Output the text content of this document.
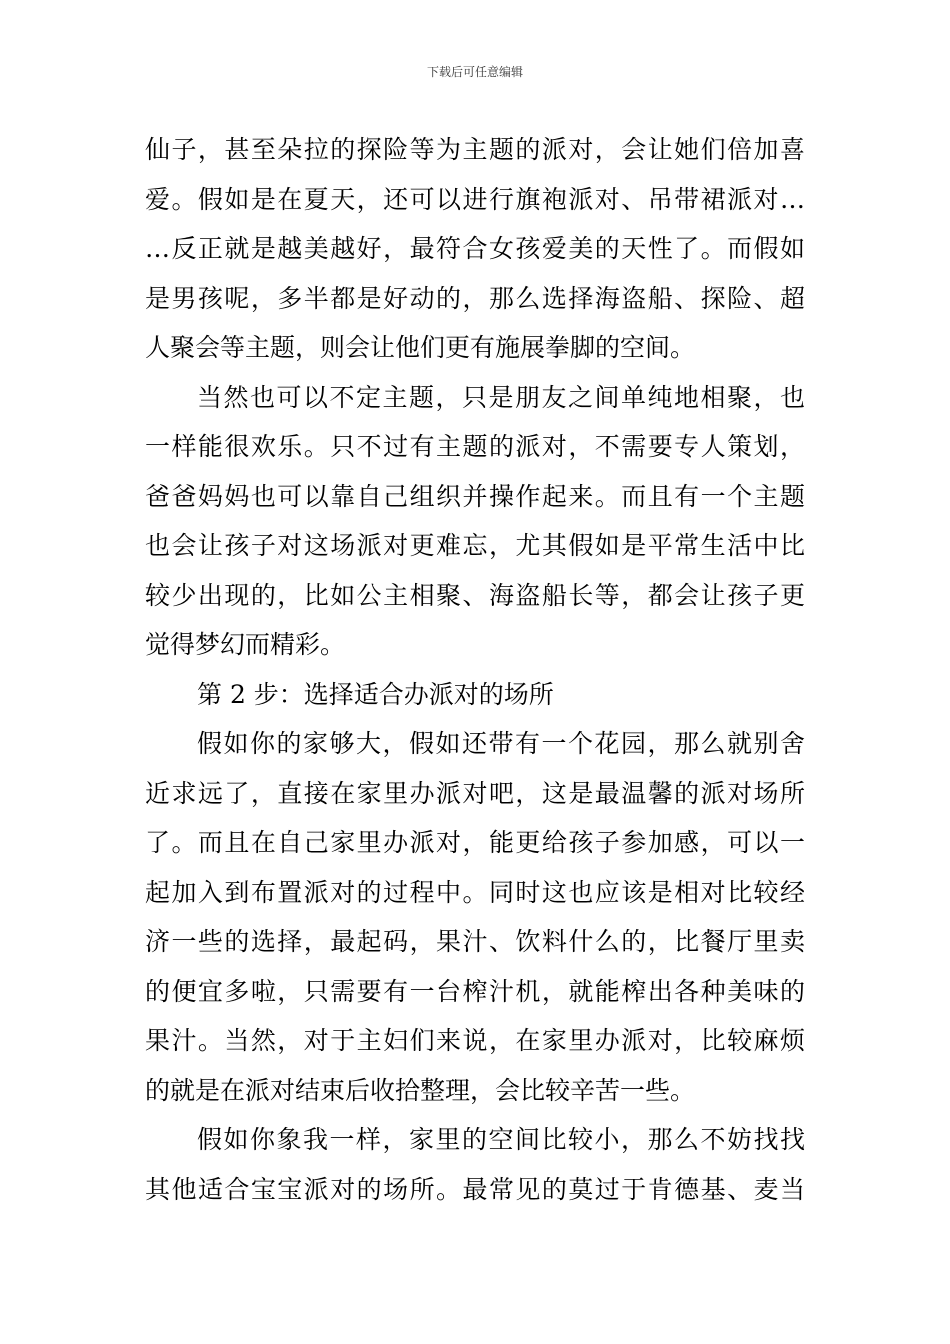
下载后可任意编辑
仙子，甚至朵拉的探险等为主题的派对，会让她们倍加喜
爱。假如是在夏天，还可以进行旗袍派对、吊带裙派对…
…反正就是越美越好，最符合女孩爱美的天性了。而假如
是男孩呢，多半都是好动的，那么选择海盗船、探险、超
人聚会等主题，则会让他们更有施展拳脚的空间。
当然也可以不定主题，只是朋友之间单纯地相聚，也
一样能很欢乐。只不过有主题的派对，不需要专人策划，
爸爸妈妈也可以靠自己组织并操作起来。而且有一个主题
也会让孩子对这场派对更难忘，尤其假如是平常生活中比
较少出现的，比如公主相聚、海盗船长等，都会让孩子更
觉得梦幻而精彩。
第 2 步：选择适合办派对的场所
假如你的家够大，假如还带有一个花园，那么就别舍
近求远了，直接在家里办派对吧，这是最温馨的派对场所
了。而且在自己家里办派对，能更给孩子参加感，可以一
起加入到布置派对的过程中。同时这也应该是相对比较经
济一些的选择，最起码，果汁、饮料什么的，比餐厅里卖
的便宜多啦，只需要有一台榨汁机，就能榨出各种美味的
果汁。当然，对于主妇们来说，在家里办派对，比较麻烦
的就是在派对结束后收拾整理，会比较辛苦一些。
假如你象我一样，家里的空间比较小，那么不妨找找
其他适合宝宝派对的场所。最常见的莫过于肯德基、麦当
